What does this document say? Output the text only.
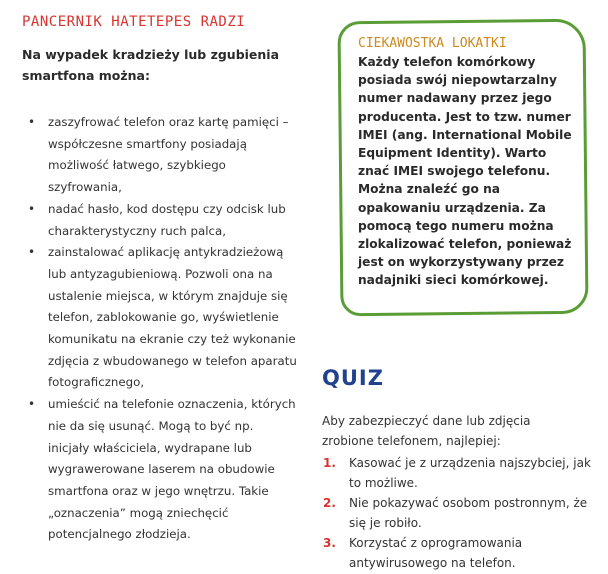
PANCERNIK HATETEPES RADZI

Na wypadek kradzieży lub zgubienia smartfona można:

• zaszyfrować telefon oraz kartę pamięci – współczesne smartfony posiadają możliwość łatwego, szybkiego szyfrowania,
• nadać hasło, kod dostępu czy odcisk lub charakterystyczny ruch palca,
• zainstalować aplikację antykradzieżową lub antyzagubieniową. Pozwoli ona na ustalenie miejsca, w którym znajduje się telefon, zablokowanie go, wyświetlenie komunikatu na ekranie czy też wykonanie zdjęcia z wbudowanego w telefon aparatu fotograficznego,
• umieścić na telefonie oznaczenia, których nie da się usunąć. Mogą to być np. inicjały właściciela, wydrapane lub wygrawerowane laserem na obudowie smartfona oraz w jego wnętrzu. Takie „oznaczenia” mogą zniechęcić potencjalnego złodzieja.
CIEKAWOSTKA LOKATKI

Każdy telefon komórkowy posiada swój niepowtarzalny numer nadawany przez jego producenta. Jest to tzw. numer IMEI (ang. International Mobile Equipment Identity). Warto znać IMEI swojego telefonu. Można znaleźć go na opakowaniu urządzenia. Za pomocą tego numeru można zlokalizować telefon, ponieważ jest on wykorzystywany przez nadajniki sieci komórkowej.

QUIZ

Aby zabezpieczyć dane lub zdjęcia zrobione telefonem, najlepiej:

1. Kasować je z urządzenia najszybciej, jak to możliwe.
2. Nie pokazywać osobom postronnym, że się je robiło.
3. Korzystać z oprogramowania antywirusowego na telefon.
